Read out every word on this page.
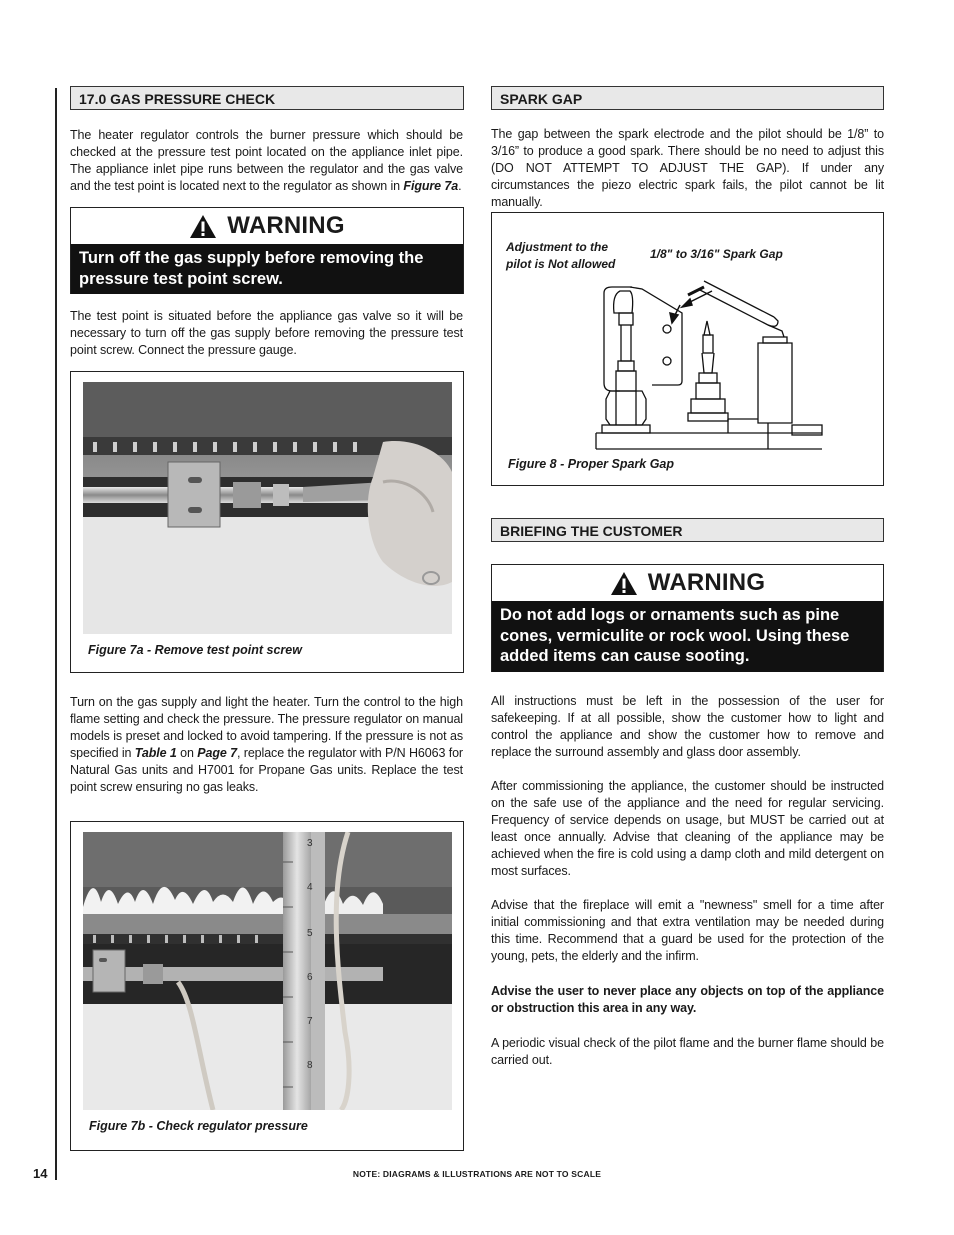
17.0 GAS PRESSURE CHECK

The heater regulator controls the burner pressure which should be checked at the pressure test point located on the appliance inlet pipe. The appliance inlet pipe runs between the regulator and the gas valve and the test point is located next to the regulator as shown in Figure 7a.

WARNING
Turn off the gas supply before removing the pressure test point screw.

The test point is situated before the appliance gas valve so it will be necessary to turn off the gas supply before removing the pressure test point screw. Connect the pressure gauge.

Figure 7a - Remove test point screw

Turn on the gas supply and light the heater. Turn the control to the high flame setting and check the pressure. The pressure regulator on manual models is preset and locked to avoid tampering. If the pressure is not as specified in Table 1 on Page 7, replace the regulator with P/N H6063 for Natural Gas units and H7001 for Propane Gas units. Replace the test point screw ensuring no gas leaks.

3
4
5
6
7
8
Figure 7b - Check regulator pressure
SPARK GAP

The gap between the spark electrode and the pilot should be 1/8” to 3/16” to produce a good spark. There should be no need to adjust this (DO NOT ATTEMPT TO ADJUST THE GAP). If under any circumstances the piezo electric spark fails, the pilot cannot be lit manually.

Adjustment to the
pilot is Not allowed
1/8" to 3/16" Spark Gap
Figure 8 - Proper Spark Gap
BRIEFING THE CUSTOMER
WARNING
Do not add logs or ornaments such as pine cones, vermiculite or rock wool. Using these added items can cause sooting.

All instructions must be left in the possession of the user for safekeeping. If at all possible, show the customer how to light and control the appliance and show the customer how to remove and replace the surround assembly and glass door assembly.

After commissioning the appliance, the customer should be instructed on the safe use of the appliance and the need for regular servicing. Frequency of service depends on usage, but MUST be carried out at least once annually. Advise that cleaning of the appliance may be achieved when the fire is cold using a damp cloth and mild detergent on most surfaces.

Advise that the fireplace will emit a "newness" smell for a time after initial commissioning and that extra ventilation may be needed during this time. Recommend that a guard be used for the protection of the young, pets, the elderly and the infirm.

Advise the user to never place any objects on top of the appliance or obstruction this area in any way.

A periodic visual check of the pilot flame and the burner flame should be carried out.

14	NOTE: DIAGRAMS & ILLUSTRATIONS ARE NOT TO SCALE
